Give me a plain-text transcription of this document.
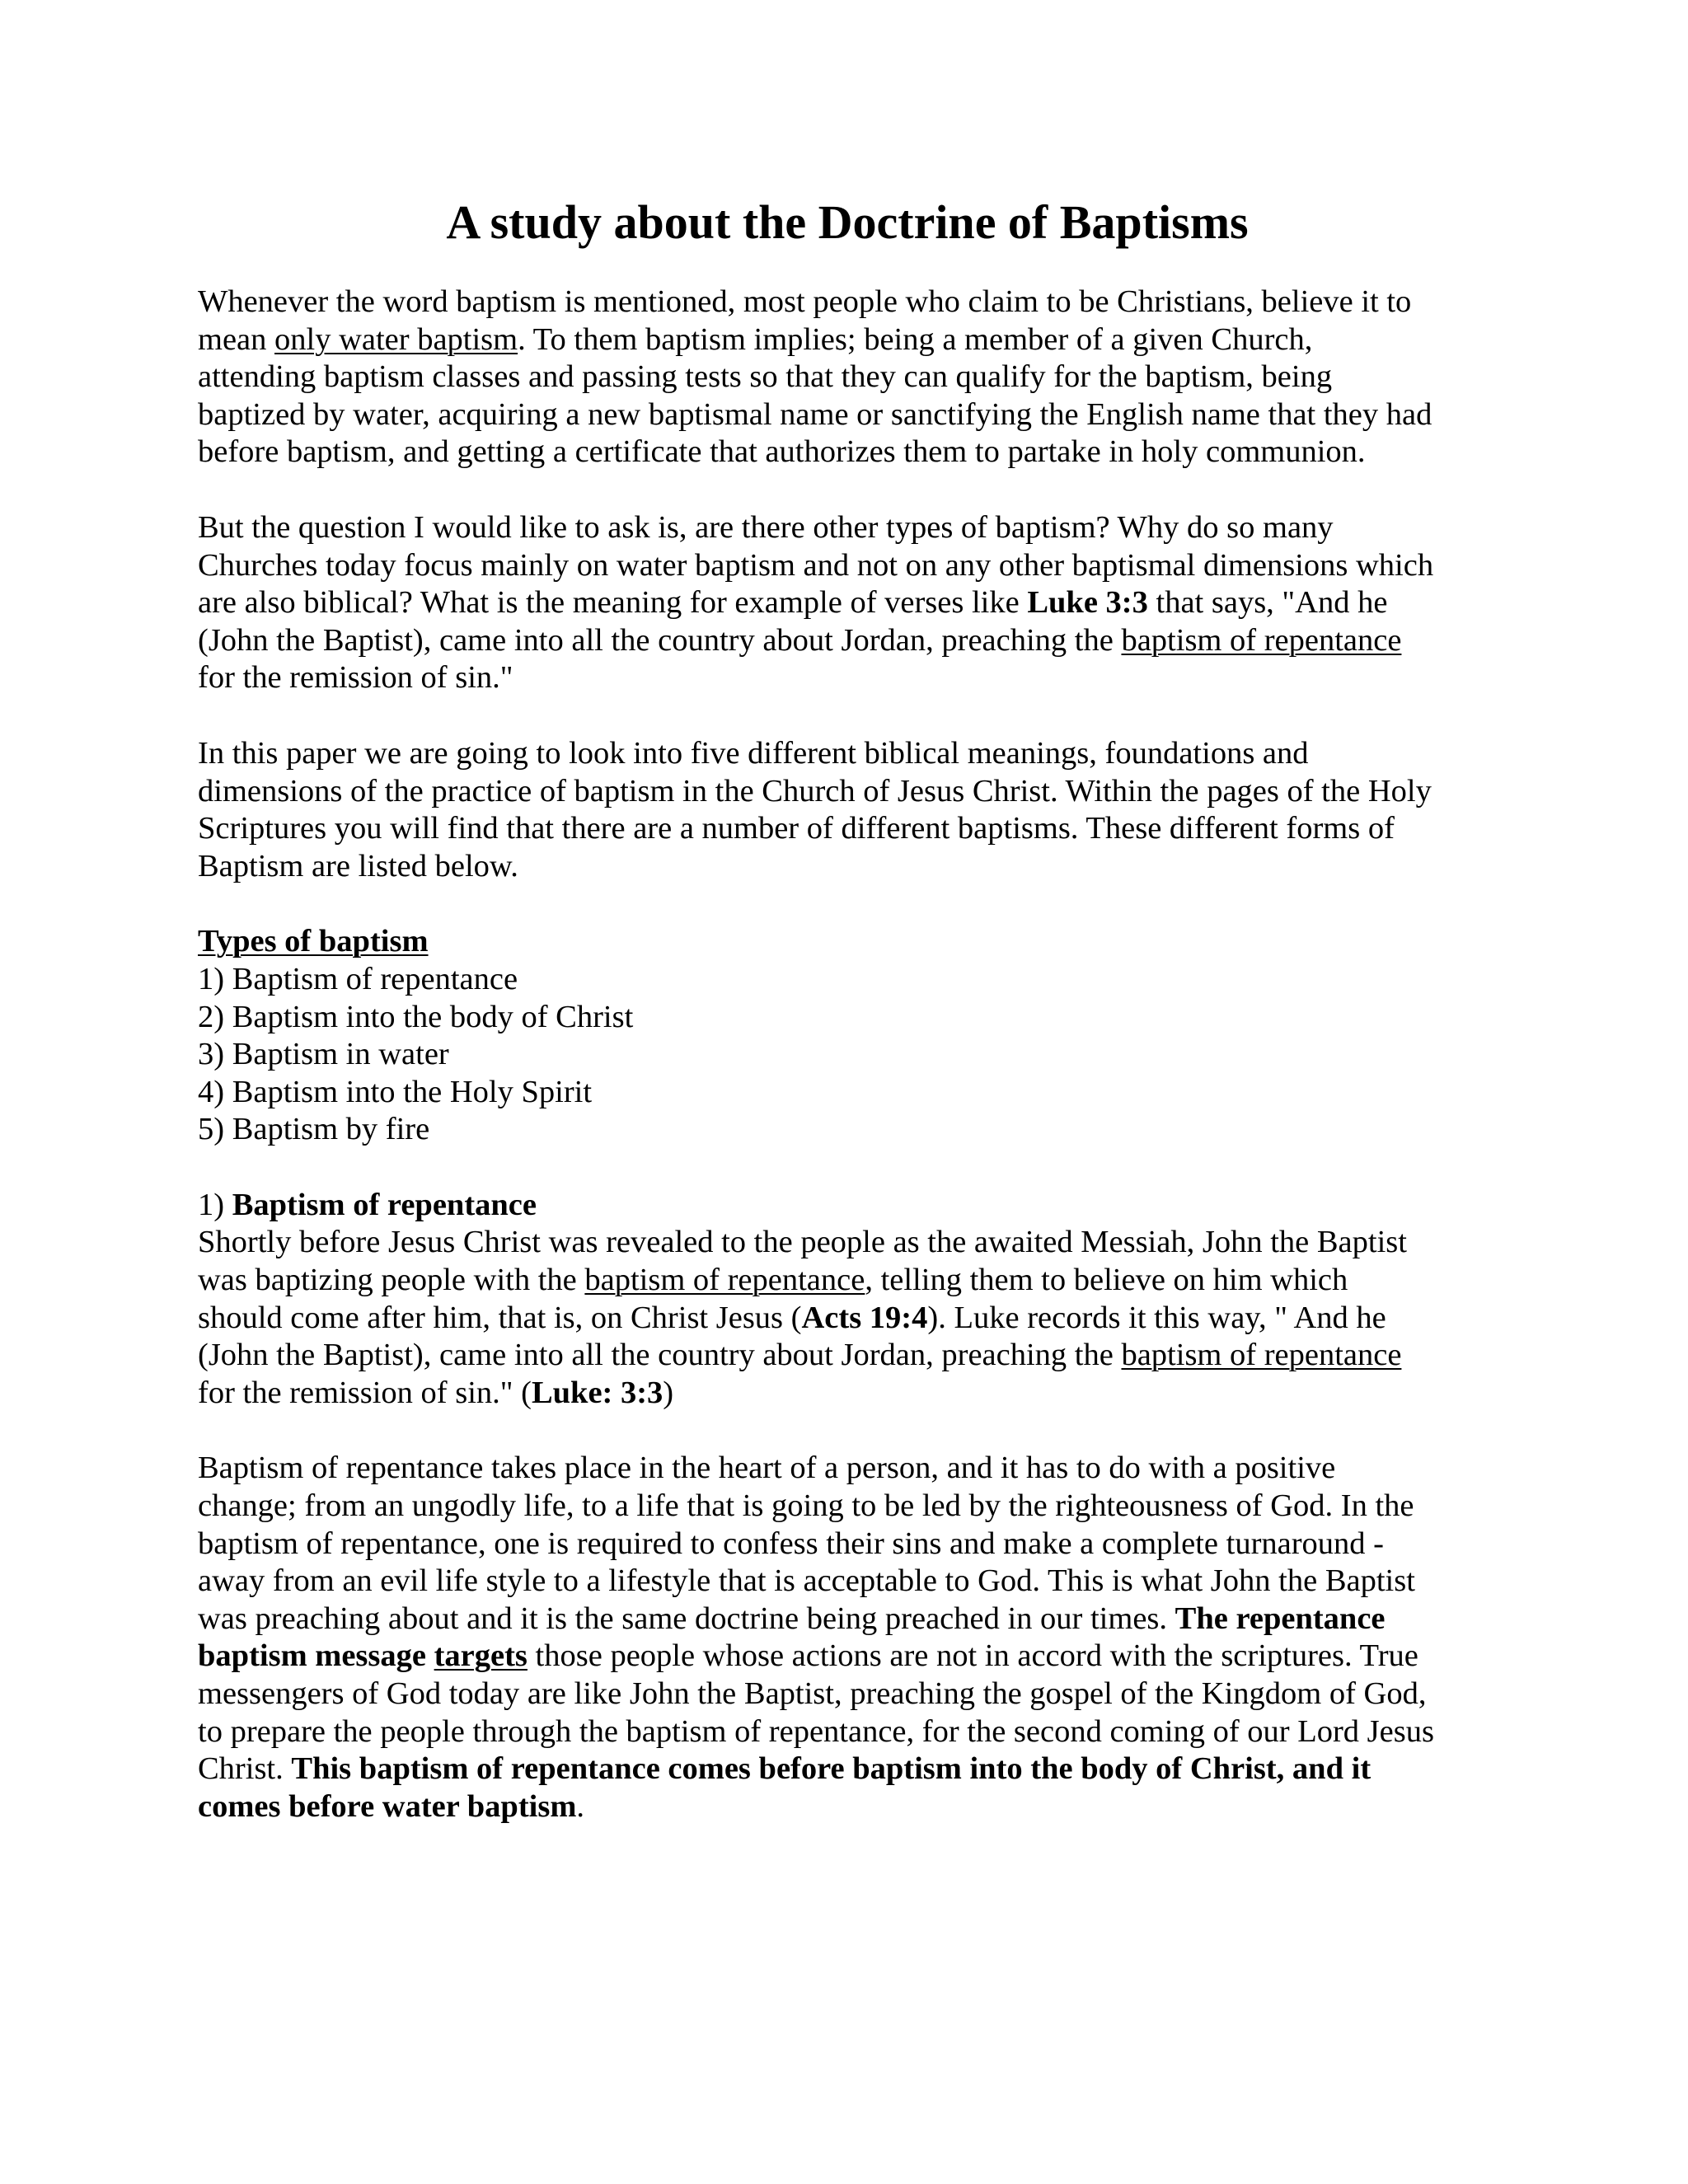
A study about the Doctrine of Baptisms
Whenever the word baptism is mentioned, most people who claim to be Christians, believe it to
mean only water baptism. To them baptism implies; being a member of a given Church,
attending baptism classes and passing tests so that they can qualify for the baptism, being
baptized by water, acquiring a new baptismal name or sanctifying the English name that they had
before baptism, and getting a certificate that authorizes them to partake in holy communion.
But the question I would like to ask is, are there other types of baptism? Why do so many
Churches today focus mainly on water baptism and not on any other baptismal dimensions which
are also biblical? What is the meaning for example of verses like Luke 3:3 that says, "And he
(John the Baptist), came into all the country about Jordan, preaching the baptism of repentance
for the remission of sin."
In this paper we are going to look into five different biblical meanings, foundations and
dimensions of the practice of baptism in the Church of Jesus Christ. Within the pages of the Holy
Scriptures you will find that there are a number of different baptisms. These different forms of
Baptism are listed below.
Types of baptism
1) Baptism of repentance
2) Baptism into the body of Christ
3) Baptism in water
4) Baptism into the Holy Spirit
5) Baptism by fire
1) Baptism of repentance
Shortly before Jesus Christ was revealed to the people as the awaited Messiah, John the Baptist
was baptizing people with the baptism of repentance, telling them to believe on him which
should come after him, that is, on Christ Jesus (Acts 19:4). Luke records it this way, " And he
(John the Baptist), came into all the country about Jordan, preaching the baptism of repentance
for the remission of sin." (Luke: 3:3)
Baptism of repentance takes place in the heart of a person, and it has to do with a positive
change; from an ungodly life, to a life that is going to be led by the righteousness of God. In the
baptism of repentance, one is required to confess their sins and make a complete turnaround -
away from an evil life style to a lifestyle that is acceptable to God. This is what John the Baptist
was preaching about and it is the same doctrine being preached in our times. The repentance
baptism message targets those people whose actions are not in accord with the scriptures. True
messengers of God today are like John the Baptist, preaching the gospel of the Kingdom of God,
to prepare the people through the baptism of repentance, for the second coming of our Lord Jesus
Christ. This baptism of repentance comes before baptism into the body of Christ, and it
comes before water baptism.
